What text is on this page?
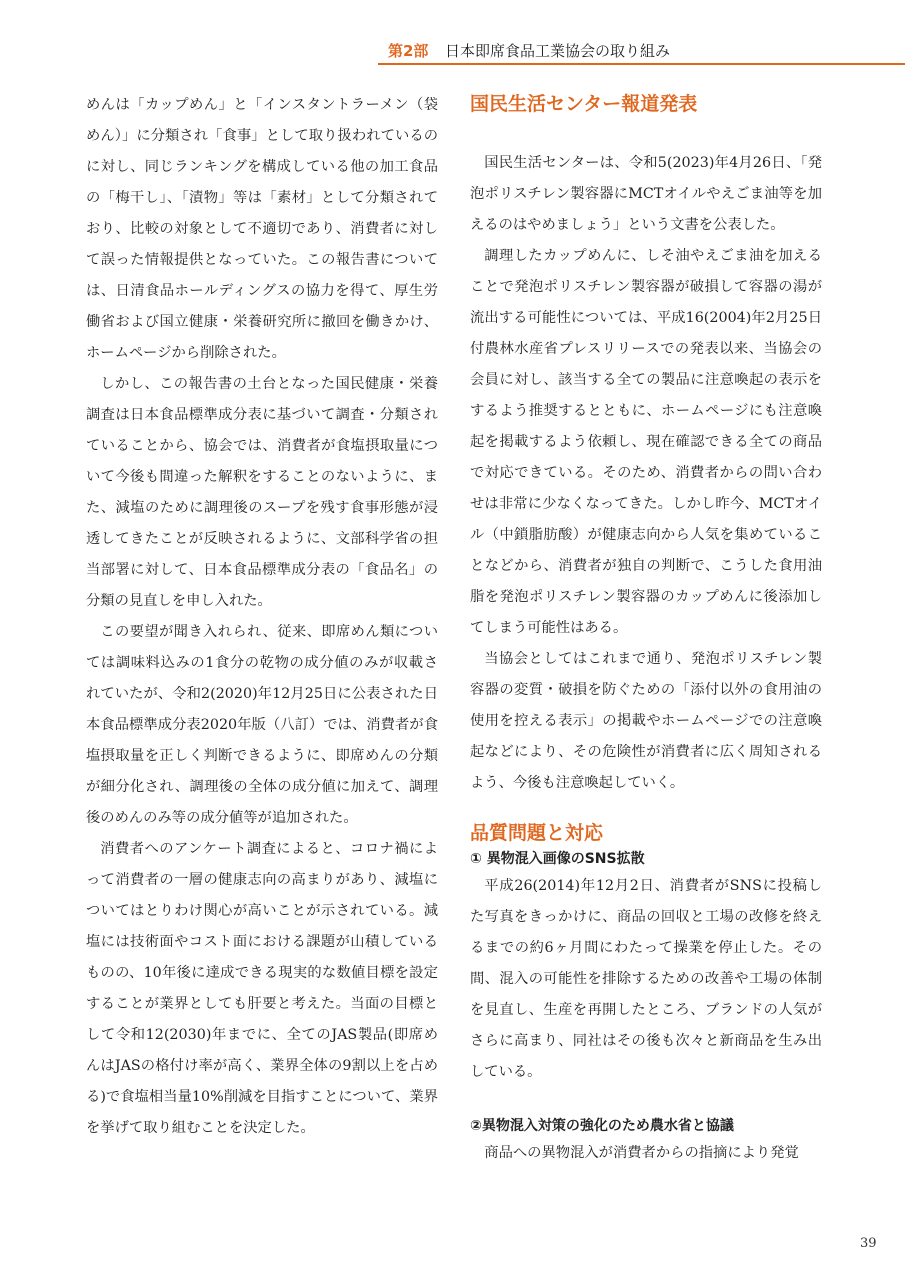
第2部 日本即席食品工業協会の取り組み

めんは「カップめん」と「インスタントラーメン（袋めん）」に分類され「食事」として取り扱われているのに対し、同じランキングを構成している他の加工食品の「梅干し」、「漬物」等は「素材」として分類されており、比較の対象として不適切であり、消費者に対して誤った情報提供となっていた。この報告書については、日清食品ホールディングスの協力を得て、厚生労働省および国立健康・栄養研究所に撤回を働きかけ、ホームページから削除された。

しかし、この報告書の土台となった国民健康・栄養調査は日本食品標準成分表に基づいて調査・分類されていることから、協会では、消費者が食塩摂取量について今後も間違った解釈をすることのないように、また、減塩のために調理後のスープを残す食事形態が浸透してきたことが反映されるように、文部科学省の担当部署に対して、日本食品標準成分表の「食品名」の分類の見直しを申し入れた。

この要望が聞き入れられ、従来、即席めん類については調味料込みの1食分の乾物の成分値のみが収載されていたが、令和2(2020)年12月25日に公表された日本食品標準成分表2020年版（八訂）では、消費者が食塩摂取量を正しく判断できるように、即席めんの分類が細分化され、調理後の全体の成分値に加えて、調理後のめんのみ等の成分値等が追加された。

消費者へのアンケート調査によると、コロナ禍によって消費者の一層の健康志向の高まりがあり、減塩についてはとりわけ関心が高いことが示されている。減塩には技術面やコスト面における課題が山積しているものの、10年後に達成できる現実的な数値目標を設定することが業界としても肝要と考えた。当面の目標として令和12(2030)年までに、全てのJAS製品(即席めんはJASの格付け率が高く、業界全体の9割以上を占める)で食塩相当量10%削減を目指すことについて、業界を挙げて取り組むことを決定した。

国民生活センター報道発表

国民生活センターは、令和5(2023)年4月26日、「発泡ポリスチレン製容器にMCTオイルやえごま油等を加えるのはやめましょう」という文書を公表した。

調理したカップめんに、しそ油やえごま油を加えることで発泡ポリスチレン製容器が破損して容器の湯が流出する可能性については、平成16(2004)年2月25日付農林水産省プレスリリースでの発表以来、当協会の会員に対し、該当する全ての製品に注意喚起の表示をするよう推奨するとともに、ホームページにも注意喚起を掲載するよう依頼し、現在確認できる全ての商品で対応できている。そのため、消費者からの問い合わせは非常に少なくなってきた。しかし昨今、MCTオイル（中鎖脂肪酸）が健康志向から人気を集めていることなどから、消費者が独自の判断で、こうした食用油脂を発泡ポリスチレン製容器のカップめんに後添加してしまう可能性はある。

当協会としてはこれまで通り、発泡ポリスチレン製容器の変質・破損を防ぐための「添付以外の食用油の使用を控える表示」の掲載やホームページでの注意喚起などにより、その危険性が消費者に広く周知されるよう、今後も注意喚起していく。

品質問題と対応
① 異物混入画像のSNS拡散

平成26(2014)年12月2日、消費者がSNSに投稿した写真をきっかけに、商品の回収と工場の改修を終えるまでの約6ヶ月間にわたって操業を停止した。その間、混入の可能性を排除するための改善や工場の体制を見直し、生産を再開したところ、ブランドの人気がさらに高まり、同社はその後も次々と新商品を生み出している。

②異物混入対策の強化のため農水省と協議

商品への異物混入が消費者からの指摘により発覚

39
